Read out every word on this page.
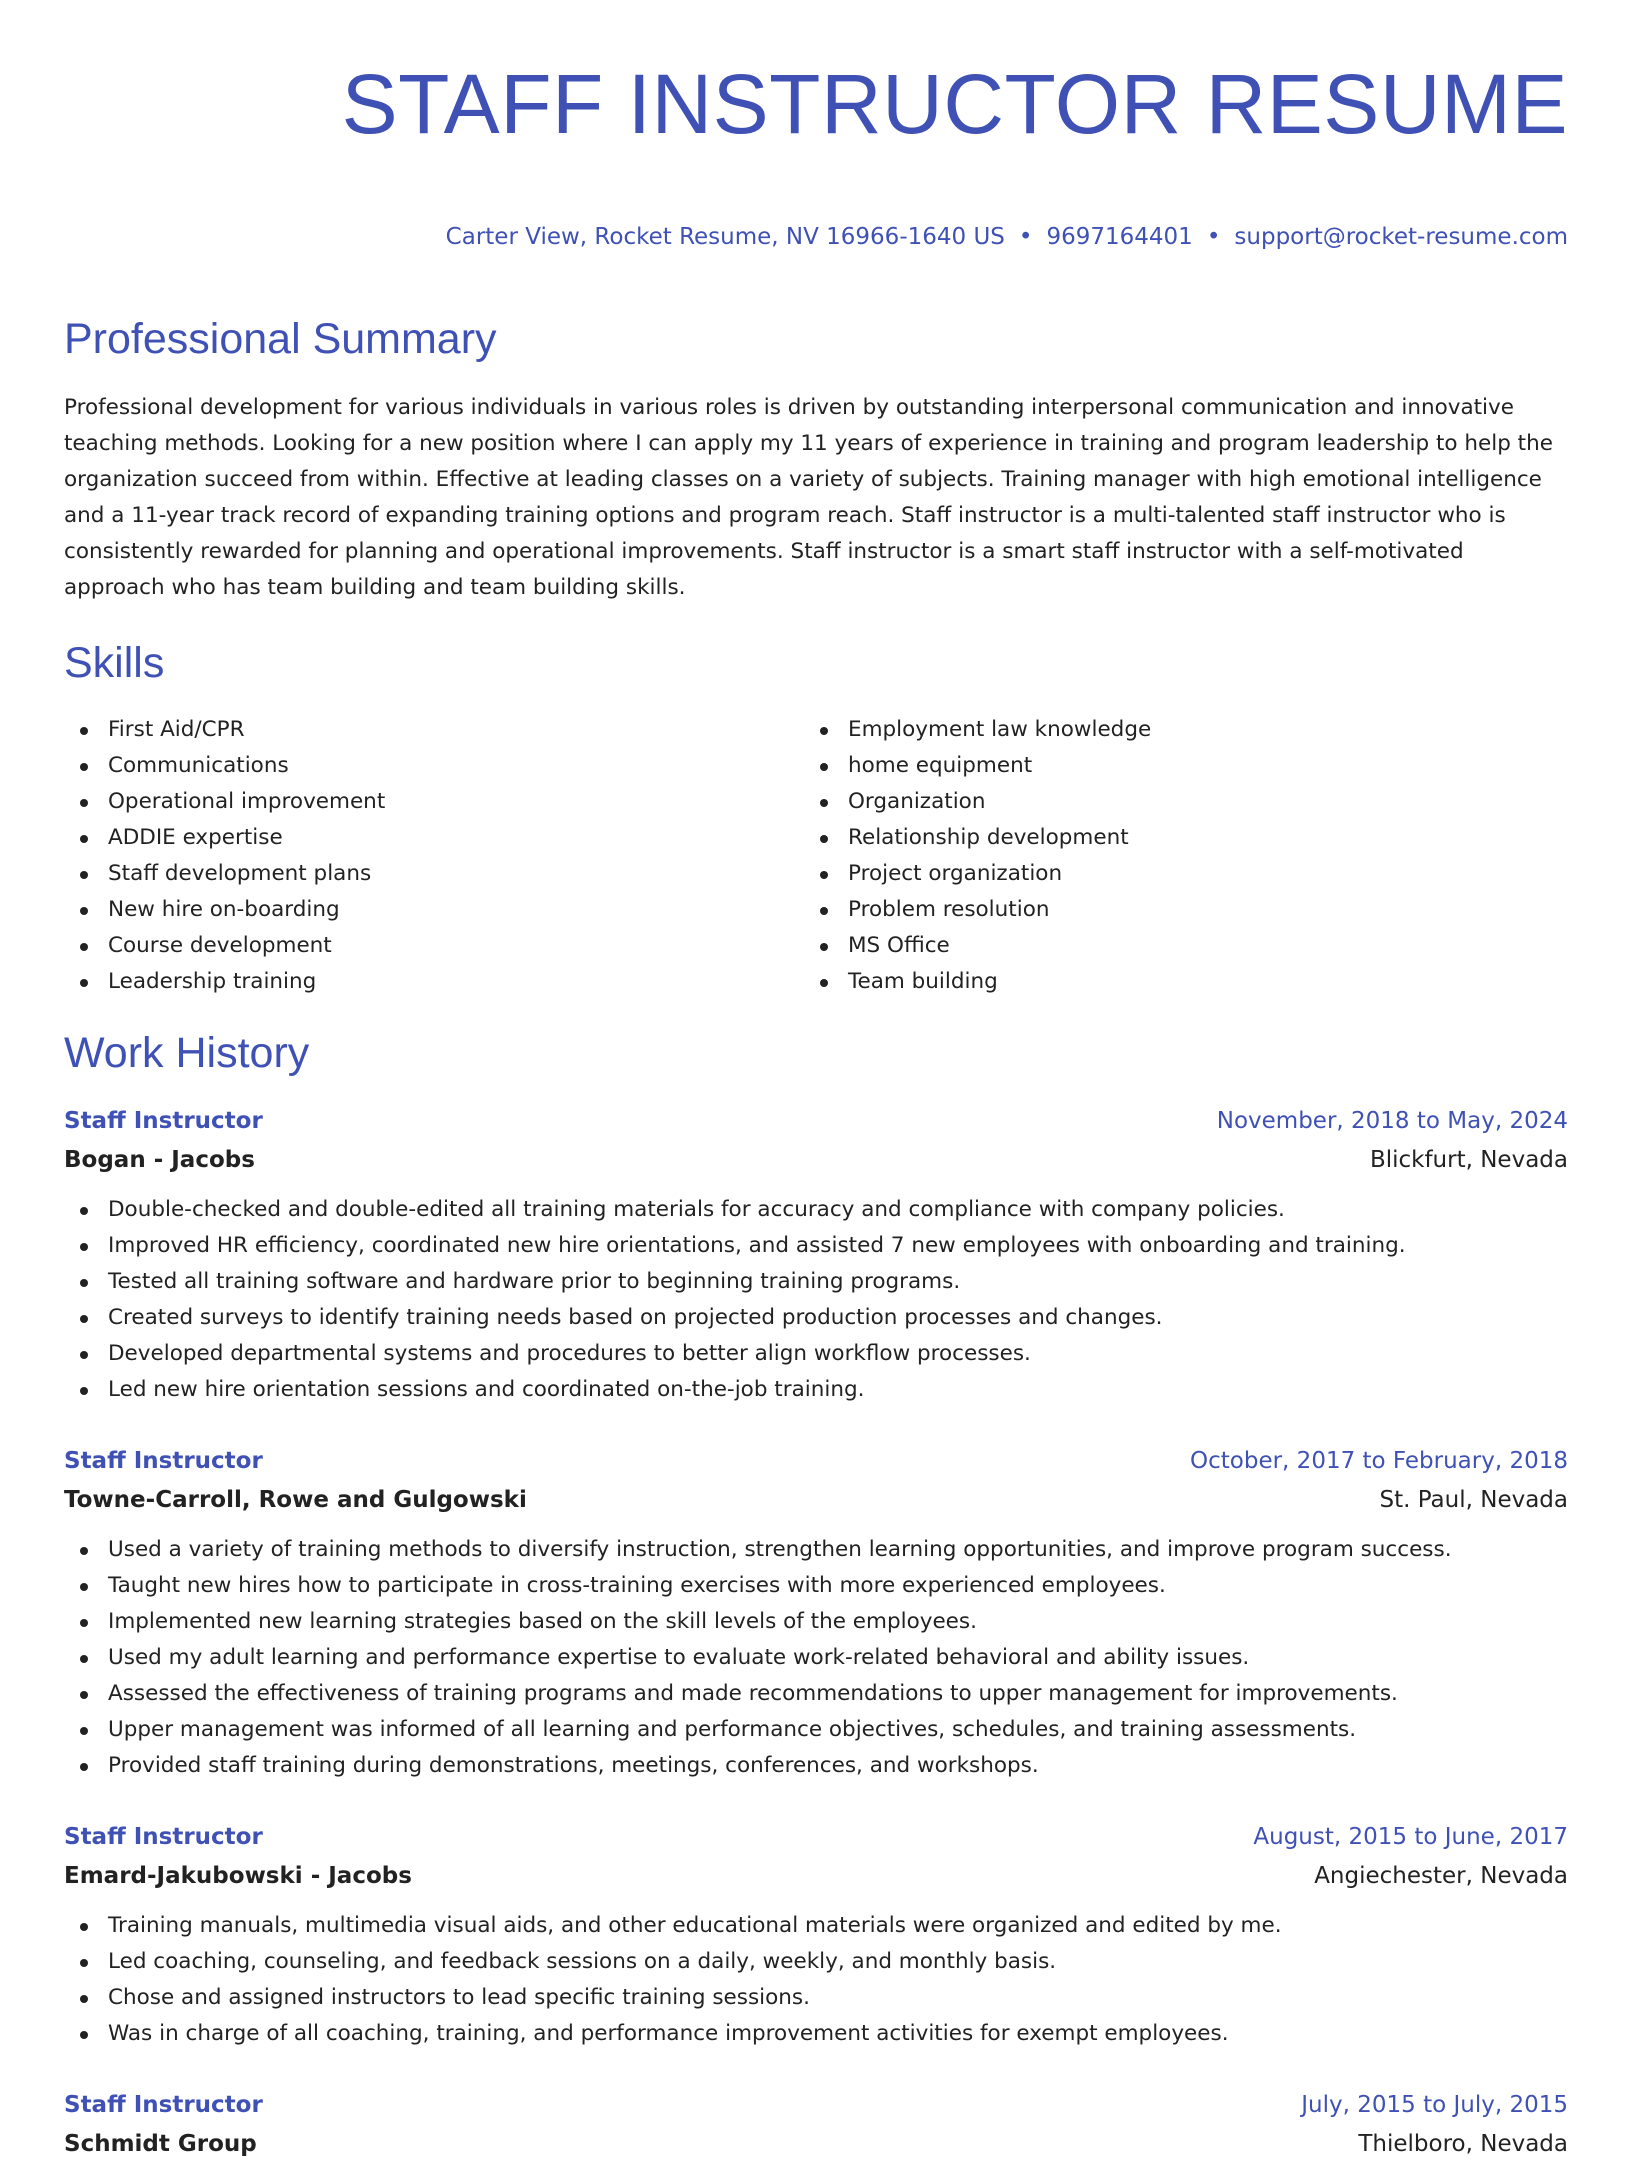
STAFF INSTRUCTOR RESUME
Carter View, Rocket Resume, NV 16966-1640 US • 9697164401 • support@rocket-resume.com
Professional Summary

Professional development for various individuals in various roles is driven by outstanding interpersonal communication and innovative teaching methods. Looking for a new position where I can apply my 11 years of experience in training and program leadership to help the organization succeed from within. Effective at leading classes on a variety of subjects. Training manager with high emotional intelligence and a 11-year track record of expanding training options and program reach. Staff instructor is a multi-talented staff instructor who is consistently rewarded for planning and operational improvements. Staff instructor is a smart staff instructor with a self-motivated approach who has team building and team building skills.

Skills
First Aid/CPR
Communications
Operational improvement
ADDIE expertise
Staff development plans
New hire on-boarding
Course development
Leadership training
Employment law knowledge
home equipment
Organization
Relationship development
Project organization
Problem resolution
MS Office
Team building
Work History
Staff Instructor	November, 2018 to May, 2024
Bogan - Jacobs	Blickfurt, Nevada
Double-checked and double-edited all training materials for accuracy and compliance with company policies.
Improved HR efficiency, coordinated new hire orientations, and assisted 7 new employees with onboarding and training.
Tested all training software and hardware prior to beginning training programs.
Created surveys to identify training needs based on projected production processes and changes.
Developed departmental systems and procedures to better align workflow processes.
Led new hire orientation sessions and coordinated on-the-job training.
Staff Instructor	October, 2017 to February, 2018
Towne-Carroll, Rowe and Gulgowski	St. Paul, Nevada
Used a variety of training methods to diversify instruction, strengthen learning opportunities, and improve program success.
Taught new hires how to participate in cross-training exercises with more experienced employees.
Implemented new learning strategies based on the skill levels of the employees.
Used my adult learning and performance expertise to evaluate work-related behavioral and ability issues.
Assessed the effectiveness of training programs and made recommendations to upper management for improvements.
Upper management was informed of all learning and performance objectives, schedules, and training assessments.
Provided staff training during demonstrations, meetings, conferences, and workshops.
Staff Instructor	August, 2015 to June, 2017
Emard-Jakubowski - Jacobs	Angiechester, Nevada
Training manuals, multimedia visual aids, and other educational materials were organized and edited by me.
Led coaching, counseling, and feedback sessions on a daily, weekly, and monthly basis.
Chose and assigned instructors to lead specific training sessions.
Was in charge of all coaching, training, and performance improvement activities for exempt employees.
Staff Instructor	July, 2015 to July, 2015
Schmidt Group	Thielboro, Nevada
